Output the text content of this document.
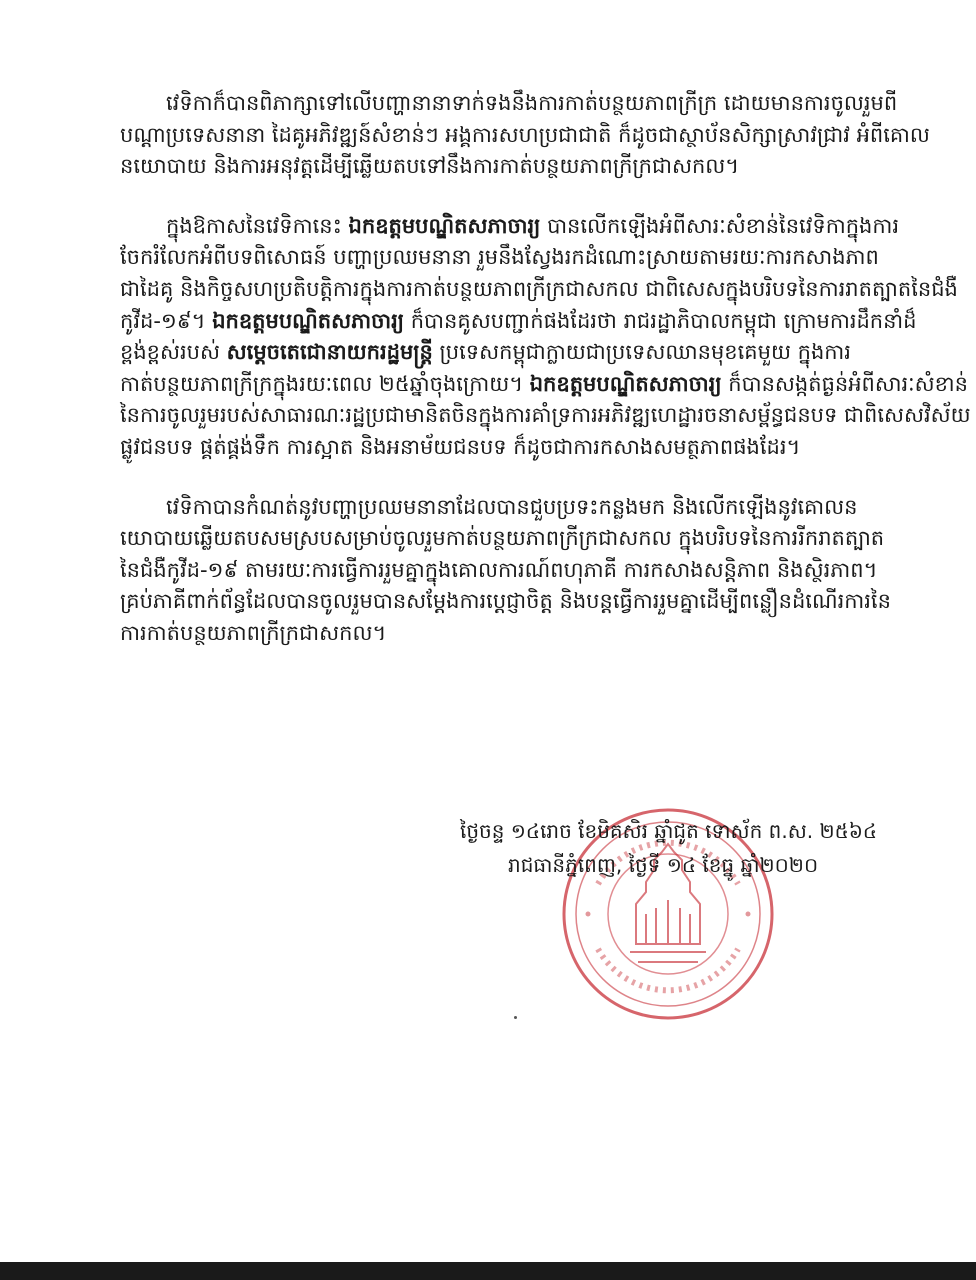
វេទិកាក៏បានពិភាក្សាទៅលើបញ្ហានានាទាក់ទងនឹងការកាត់បន្ថយភាពក្រីក្រ ដោយមានការចូលរួមពី
បណ្តាប្រទេសនានា ដៃគូអភិវឌ្ឍន៍សំខាន់ៗ អង្គការសហប្រជាជាតិ ក៏ដូចជាស្ថាប័នសិក្សាស្រាវជ្រាវ អំពីគោល
នយោបាយ និងការអនុវត្តដើម្បីឆ្លើយតបទៅនឹងការកាត់បន្ថយភាពក្រីក្រជាសកល។
ក្នុងឱកាសនៃវេទិកានេះ ឯកឧត្តមបណ្ឌិតសភាចារ្យ បានលើកឡើងអំពីសារៈសំខាន់នៃវេទិកាក្នុងការ
ចែករំលែកអំពីបទពិសោធន៍ បញ្ហាប្រឈមនានា រួមនឹងស្វែងរកដំណោះស្រាយតាមរយៈការកសាងភាព
ជាដៃគូ និងកិច្ចសហប្រតិបត្តិការក្នុងការកាត់បន្ថយភាពក្រីក្រជាសកល ជាពិសេសក្នុងបរិបទនៃការរាតត្បាតនៃជំងឺ
កូវីដ-១៩។ ឯកឧត្តមបណ្ឌិតសភាចារ្យ ក៏បានគូសបញ្ជាក់ផងដែរថា រាជរដ្ឋាភិបាលកម្ពុជា ក្រោមការដឹកនាំដ៏
ខ្ពង់ខ្ពស់របស់ សម្តេចតេជោនាយករដ្ឋមន្ត្រី ប្រទេសកម្ពុជាក្លាយជាប្រទេសឈានមុខគេមួយ ក្នុងការ
កាត់បន្ថយភាពក្រីក្រក្នុងរយៈពេល ២៥ឆ្នាំចុងក្រោយ។ ឯកឧត្តមបណ្ឌិតសភាចារ្យ ក៏បានសង្កត់ធ្ងន់អំពីសារៈសំខាន់
នៃការចូលរួមរបស់សាធារណៈរដ្ឋប្រជាមានិតចិនក្នុងការគាំទ្រការអភិវឌ្ឍហេដ្ឋារចនាសម្ព័ន្ធជនបទ ជាពិសេសវិស័យ
ផ្លូវជនបទ ផ្គត់ផ្គង់ទឹក ការស្អាត និងអនាម័យជនបទ ក៏ដូចជាការកសាងសមត្ថភាពផងដែរ។
វេទិកាបានកំណត់នូវបញ្ហាប្រឈមនានាដែលបានជួបប្រទះកន្លងមក និងលើកឡើងនូវគោលន
យោបាយឆ្លើយតបសមស្របសម្រាប់ចូលរួមកាត់បន្ថយភាពក្រីក្រជាសកល ក្នុងបរិបទនៃការរីករាតត្បាត
នៃជំងឺកូវីដ-១៩ តាមរយៈការធ្វើការរួមគ្នាក្នុងគោលការណ៍ពហុភាគី ការកសាងសន្តិភាព និងស្ថិរភាព។
គ្រប់ភាគីពាក់ព័ន្ធដែលបានចូលរួមបានសម្តែងការប្តេជ្ញាចិត្ត និងបន្តធ្វើការរួមគ្នាដើម្បីពន្លឿនដំណើរការនៃ
ការកាត់បន្ថយភាពក្រីក្រជាសកល។
ថ្ងៃចន្ទ ១៤រោច ខែមិគសិរ ឆ្នាំជូត ទោស័ក ព.ស. ២៥៦៤
រាជធានីភ្នំពេញ, ថ្ងៃទី ១៤ ខែធ្នូ ឆ្នាំ២០២០
